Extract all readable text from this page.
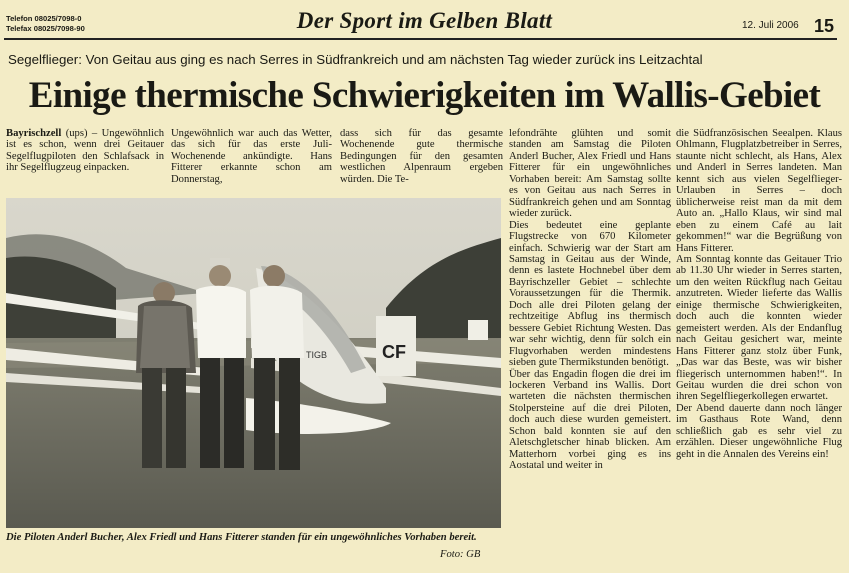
Telefon 08025/7098-0
Telefax 08025/7098-90	Der Sport im Gelben Blatt	12. Juli 2006 15
Segelflieger: Von Geitau aus ging es nach Serres in Südfrankreich und am nächsten Tag wieder zurück ins Leitzachtal
Einige thermische Schwierigkeiten im Wallis-Gebiet

Bayrischzell (ups) – Ungewöhnlich ist es schon, wenn drei Geitauer Segelflugpiloten den Schlafsack in ihr Segelflugzeug einpacken.

Ungewöhnlich war auch das Wetter, das sich für das erste Juli-Wochenende ankündigte. Hans Fitterer erkannte schon am Donnerstag,

dass sich für das gesamte Wochenende gute thermische Bedingungen für den gesamten westlichen Alpenraum ergeben würden. Die Te-

lefondrähte glühten und somit standen am Samstag die Piloten Anderl Bucher, Alex Friedl und Hans Fitterer für ein ungewöhnliches Vorhaben bereit: Am Samstag sollte es von Geitau aus nach Serres in Südfrankreich gehen und am Sonntag wieder zurück.

Dies bedeutet eine geplante Flugstrecke von 670 Kilometer einfach. Schwierig war der Start am Samstag in Geitau aus der Winde, denn es lastete Hochnebel über dem Bayrischzeller Gebiet – schlechte Voraussetzungen für die Thermik. Doch alle drei Piloten gelang der rechtzeitige Abflug ins thermisch bessere Gebiet Richtung Westen. Das war sehr wichtig, denn für solch ein Flugvorhaben werden mindestens sieben gute Thermikstunden benötigt.

Über das Engadin flogen die drei im lockeren Verband ins Wallis. Dort warteten die nächsten thermischen Stolpersteine auf die drei Piloten, doch auch diese wurden gemeistert. Schon bald konnten sie auf den Aletschgletscher hinab blicken. Am Matterhorn vorbei ging es ins Aostatal und weiter in

die Südfranzösischen Seealpen. Klaus Ohlmann, Flugplatzbetreiber in Serres, staunte nicht schlecht, als Hans, Alex und Anderl in Serres landeten. Man kennt sich aus vielen Segelflieger-Urlauben in Serres – doch üblicherweise reist man da mit dem Auto an. „Hallo Klaus, wir sind mal eben zu einem Café au lait gekommen!“ war die Begrüßung von Hans Fitterer.

Am Sonntag konnte das Geitauer Trio ab 11.30 Uhr wieder in Serres starten, um den weiten Rückflug nach Geitau anzutreten. Wieder lieferte das Wallis einige thermische Schwierigkeiten, doch auch die konnten wieder gemeistert werden. Als der Endanflug nach Geitau gesichert war, meinte Hans Fitterer ganz stolz über Funk, „Das war das Beste, was wir bisher fliegerisch unternommen haben!“. In Geitau wurden die drei schon von ihren Segelfliegerkollegen erwartet.

Der Abend dauerte dann noch länger im Gasthaus Rote Wand, denn schließlich gab es sehr viel zu erzählen. Dieser ungewöhnliche Flug geht in die Annalen des Vereins ein!

CF
TIGB
Die Piloten Anderl Bucher, Alex Friedl und Hans Fitterer standen für ein ungewöhnliches Vorhaben bereit.
Foto: GB
